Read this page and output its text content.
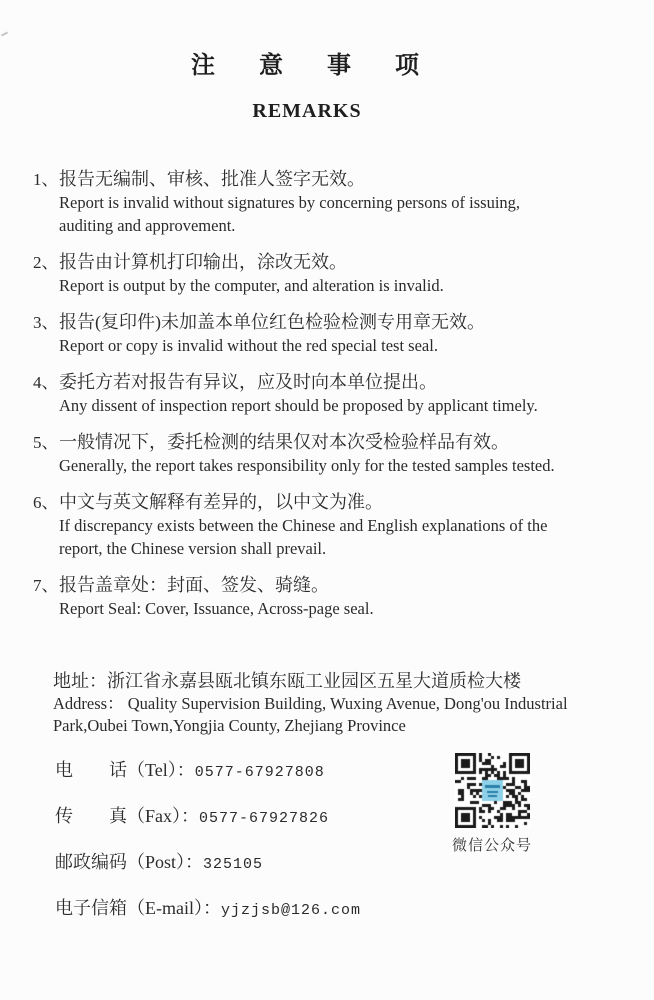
注意事项
REMARKS
1、 报告无编制、审核、批准人签字无效。
Report is invalid without signatures by concerning persons of issuing,
auditing and approvement.
2、 报告由计算机打印输出，涂改无效。
Report is output by the computer, and alteration is invalid.
3、 报告(复印件)未加盖本单位红色检验检测专用章无效。
Report or copy is invalid without the red special test seal.
4、 委托方若对报告有异议，应及时向本单位提出。
Any dissent of inspection report should be proposed by applicant timely.
5、 一般情况下，委托检测的结果仅对本次受检验样品有效。
Generally, the report takes responsibility only for the tested samples tested.
6、 中文与英文解释有差异的，以中文为准。
If discrepancy exists between the Chinese and English explanations of the
report, the Chinese version shall prevail.
7、 报告盖章处：封面、签发、骑缝。
Report Seal: Cover, Issuance, Across-page seal.
地址：浙江省永嘉县瓯北镇东瓯工业园区五星大道质检大楼
Address： Quality Supervision Building, Wuxing Avenue, Dong'ou Industrial
Park,Oubei Town,Yongjia County, Zhejiang Province
电　　话（Tel）：0577-67927808
传　　真（Fax）：0577-67927826
邮政编码（Post）：325105
电子信箱（E-mail）：yjzjsb@126.com
微信公众号
